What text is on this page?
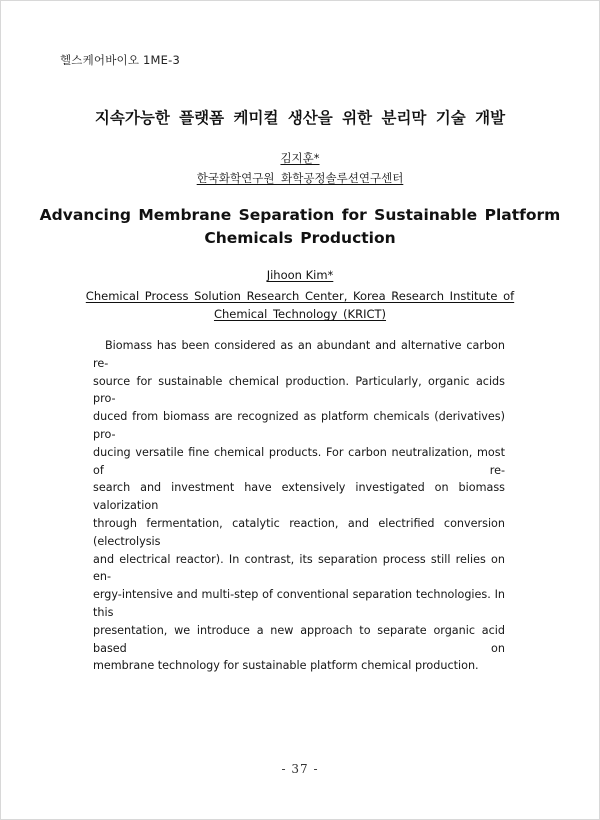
헬스케어바이오 1ME-3
지속가능한 플랫폼 케미컬 생산을 위한 분리막 기술 개발
김지훈*
한국화학연구원 화학공정솔루션연구센터
Advancing Membrane Separation for Sustainable Platform
Chemicals Production
Jihoon Kim*
Chemical Process Solution Research Center, Korea Research Institute of
Chemical Technology (KRICT)
Biomass has been considered as an abundant and alternative carbon re-
source for sustainable chemical production. Particularly, organic acids pro-
duced from biomass are recognized as platform chemicals (derivatives) pro-
ducing versatile fine chemical products. For carbon neutralization, most of re-
search and investment have extensively investigated on biomass valorization
through fermentation, catalytic reaction, and electrified conversion (electrolysis
and electrical reactor). In contrast, its separation process still relies on en-
ergy-intensive and multi-step of conventional separation technologies. In this
presentation, we introduce a new approach to separate organic acid based on
membrane technology for sustainable platform chemical production.
- 37 -
